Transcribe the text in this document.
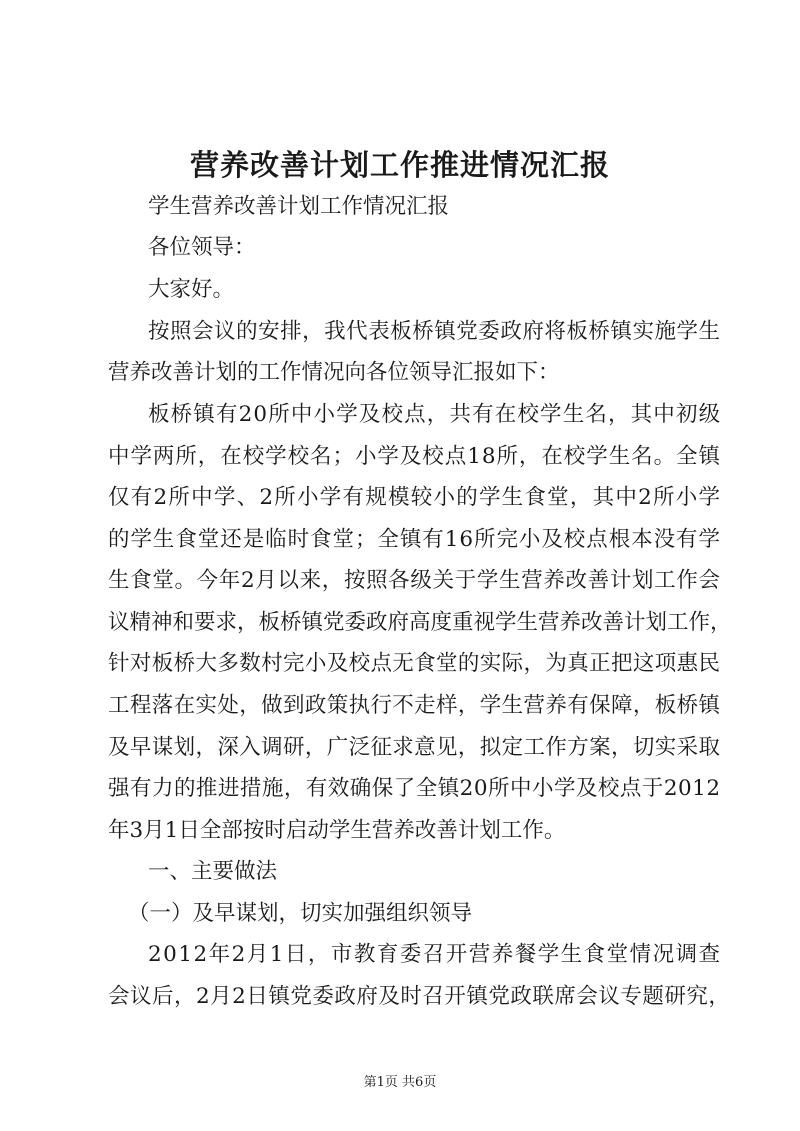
营养改善计划工作推进情况汇报
学生营养改善计划工作情况汇报
各位领导：
大家好。
按照会议的安排，我代表板桥镇党委政府将板桥镇实施学生
营养改善计划的工作情况向各位领导汇报如下：
板桥镇有20所中小学及校点，共有在校学生名，其中初级
中学两所，在校学校名；小学及校点18所，在校学生名。全镇
仅有2所中学、2所小学有规模较小的学生食堂，其中2所小学
的学生食堂还是临时食堂；全镇有16所完小及校点根本没有学
生食堂。今年2月以来，按照各级关于学生营养改善计划工作会
议精神和要求，板桥镇党委政府高度重视学生营养改善计划工作，
针对板桥大多数村完小及校点无食堂的实际，为真正把这项惠民
工程落在实处，做到政策执行不走样，学生营养有保障，板桥镇
及早谋划，深入调研，广泛征求意见，拟定工作方案，切实采取
强有力的推进措施，有效确保了全镇20所中小学及校点于2012
年3月1日全部按时启动学生营养改善计划工作。
一、主要做法
（一）及早谋划，切实加强组织领导
2012年2月1日，市教育委召开营养餐学生食堂情况调查
会议后，2月2日镇党委政府及时召开镇党政联席会议专题研究，
第1页 共6页
